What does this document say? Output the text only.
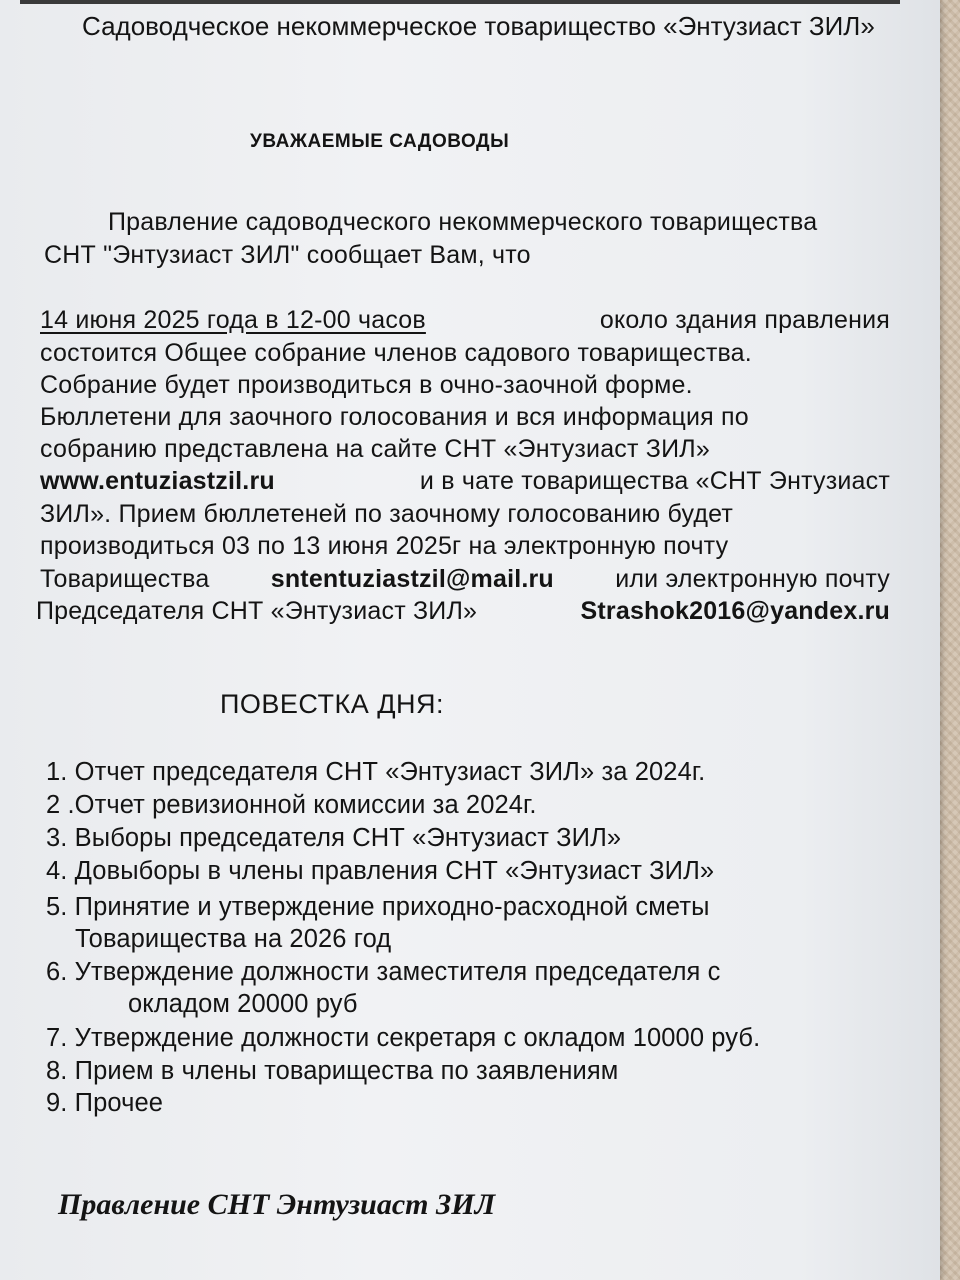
Садоводческое некоммерческое товарищество «Энтузиаст ЗИЛ»

УВАЖАЕМЫЕ САДОВОДЫ

Правление садоводческого некоммерческого товарищества

СНТ "Энтузиаст ЗИЛ" сообщает Вам, что

14 июня 2025 года в 12-00 часов	около здания правления

состоится Общее собрание членов садового товарищества.

Собрание будет производиться в очно-заочной форме.

Бюллетени для заочного голосования и вся информация по

собранию представлена на сайте СНТ «Энтузиаст ЗИЛ»

www.entuziastzil.ru	и в чате товарищества «СНТ Энтузиаст

ЗИЛ». Прием бюллетеней по заочному голосованию будет

производиться 03 по 13 июня 2025г на электронную почту

Товарищества sntentuziastzil@mail.ru или электронную почту
Председателя СНТ «Энтузиаст ЗИЛ»	Strashok2016@yandex.ru

ПОВЕСТКА ДНЯ:

1. Отчет председателя СНТ «Энтузиаст ЗИЛ» за 2024г.

2 .Отчет ревизионной комиссии за 2024г.

3. Выборы председателя СНТ «Энтузиаст ЗИЛ»

4. Довыборы в члены правления СНТ «Энтузиаст ЗИЛ»

5. Принятие и утверждение приходно-расходной сметы

Товарищества на 2026 год

6. Утверждение должности заместителя председателя с

окладом 20000 руб

7. Утверждение должности секретаря с окладом 10000 руб.

8. Прием в члены товарищества по заявлениям

9. Прочее

Правление СНТ Энтузиаст ЗИЛ
